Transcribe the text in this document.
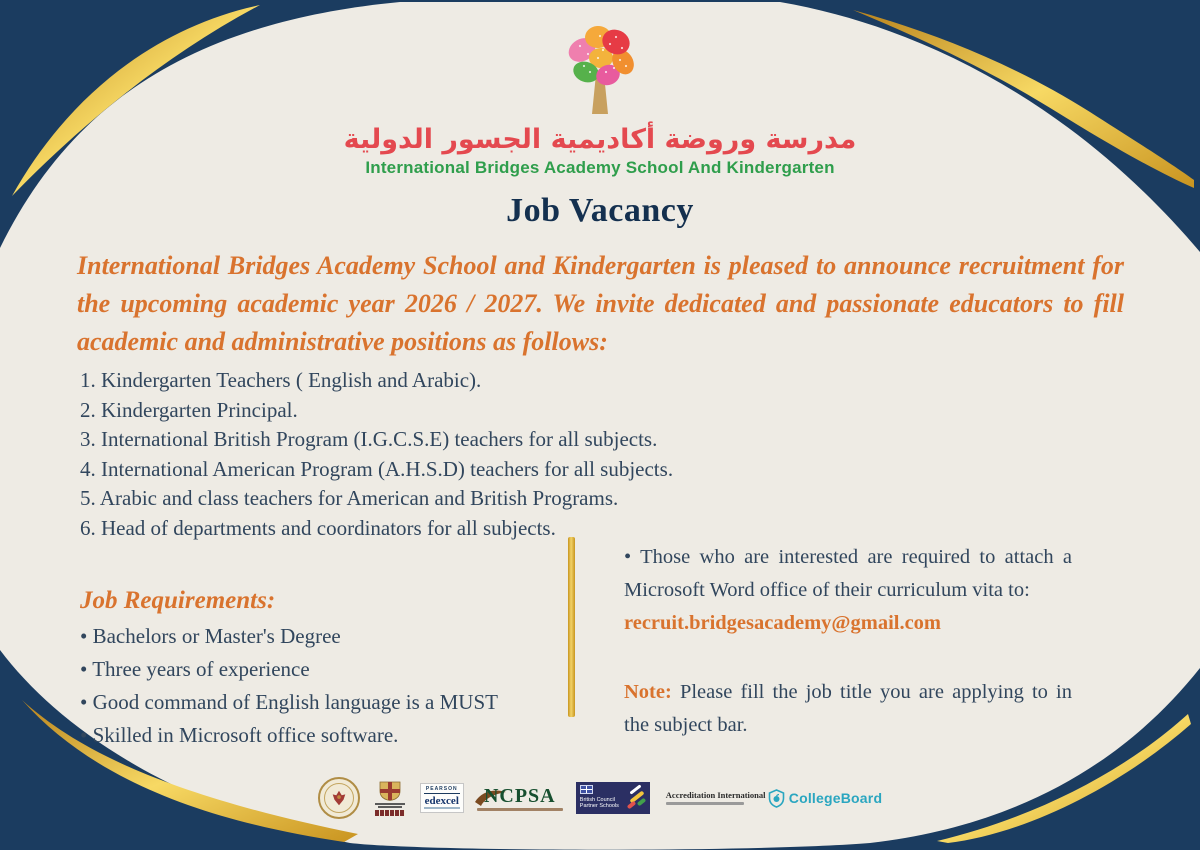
مدرسة وروضة أكاديمية الجسور الدولية
International Bridges Academy School And Kindergarten
Job Vacancy
International Bridges Academy School and Kindergarten is pleased to announce recruitment for the upcoming academic year 2026 / 2027. We invite dedicated and passionate educators to fill academic and administrative positions as follows:
1. Kindergarten Teachers ( English and Arabic).
2. Kindergarten Principal.
3. International British Program (I.G.C.S.E) teachers for all subjects.
4. International American Program (A.H.S.D) teachers for all subjects.
5. Arabic and class teachers for American and British Programs.
6. Head of departments and coordinators for all subjects.
Job Requirements:
• Bachelors or Master's Degree
• Three years of experience
• Good command of English language is a MUST
• Skilled in Microsoft office software.

• Those who are interested are required to attach a Microsoft Word office of their curriculum vita to:

recruit.bridgesacademy@gmail.com

Note: Please fill the job title you are applying to in the subject bar.

PEARSON
edexcel	NCPSA	British Council
Partner Schools
Accreditation International CollegeBoard
